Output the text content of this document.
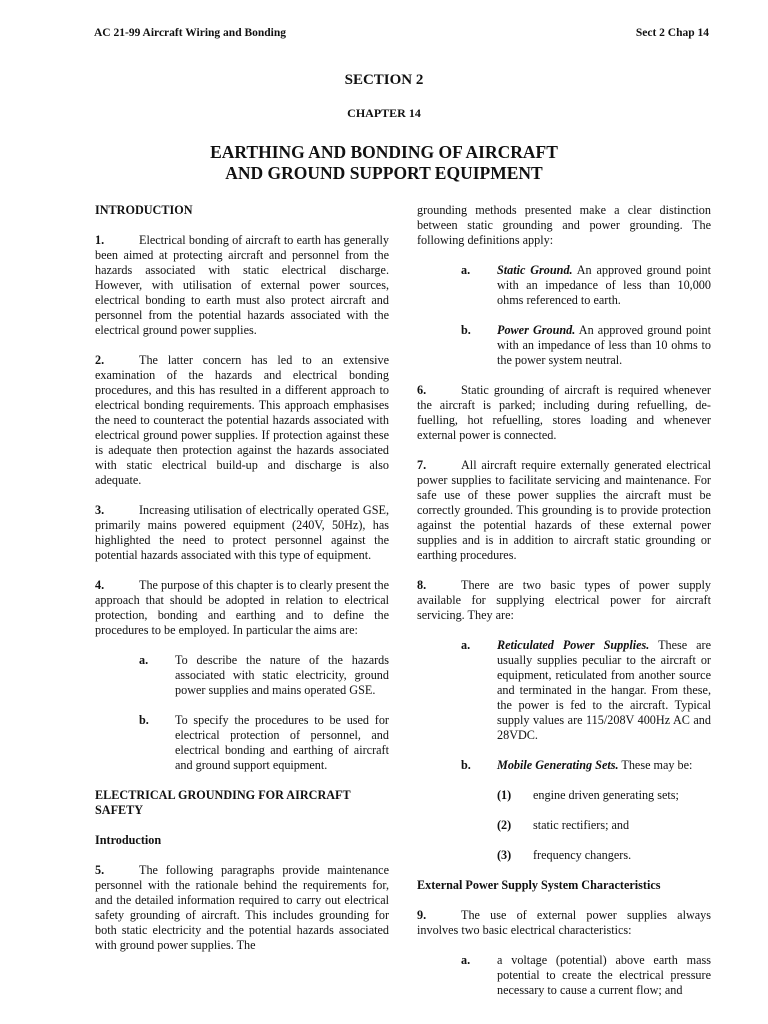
AC 21-99 Aircraft Wiring and Bonding	Sect 2 Chap 14
SECTION 2
CHAPTER 14
EARTHING AND BONDING OF AIRCRAFT
AND GROUND SUPPORT EQUIPMENT
INTRODUCTION

1.	Electrical bonding of aircraft to earth has generally been aimed at protecting aircraft and personnel from the hazards associated with static electrical discharge. However, with utilisation of external power sources, electrical bonding to earth must also protect aircraft and personnel from the potential hazards associated with the electrical ground power supplies.

2.	The latter concern has led to an extensive examination of the hazards and electrical bonding procedures, and this has resulted in a different approach to electrical bonding requirements. This approach emphasises the need to counteract the potential hazards associated with electrical ground power supplies. If protection against these is adequate then protection against the hazards associated with static electrical build-up and discharge is also adequate.

3.	Increasing utilisation of electrically operated GSE, primarily mains powered equipment (240V, 50Hz), has highlighted the need to protect personnel against the potential hazards associated with this type of equipment.

4.	The purpose of this chapter is to clearly present the approach that should be adopted in relation to electrical protection, bonding and earthing and to define the procedures to be employed. In particular the aims are:

a.	To describe the nature of the hazards associated with static electricity, ground power supplies and mains operated GSE.
b.	To specify the procedures to be used for electrical protection of personnel, and electrical bonding and earthing of aircraft and ground support equipment.
ELECTRICAL GROUNDING FOR AIRCRAFT SAFETY
Introduction

5.	The following paragraphs provide maintenance personnel with the rationale behind the requirements for, and the detailed information required to carry out electrical safety grounding of aircraft. This includes grounding for both static electricity and the potential hazards associated with ground power supplies. The

grounding methods presented make a clear distinction between static grounding and power grounding. The following definitions apply:

a.	Static Ground. An approved ground point with an impedance of less than 10,000 ohms referenced to earth.
b.	Power Ground. An approved ground point with an impedance of less than 10 ohms to the power system neutral.

6.	Static grounding of aircraft is required whenever the aircraft is parked; including during refuelling, de-fuelling, hot refuelling, stores loading and whenever external power is connected.

7.	All aircraft require externally generated electrical power supplies to facilitate servicing and maintenance. For safe use of these power supplies the aircraft must be correctly grounded. This grounding is to provide protection against the potential hazards of these external power supplies and is in addition to aircraft static grounding or earthing procedures.

8.	There are two basic types of power supply available for supplying electrical power for aircraft servicing. They are:

a.	Reticulated Power Supplies. These are usually supplies peculiar to the aircraft or equipment, reticulated from another source and terminated in the hangar. From these, the power is fed to the aircraft. Typical supply values are 115/208V 400Hz AC and 28VDC.
b.	Mobile Generating Sets. These may be:
(1)	engine driven generating sets;
(2)	static rectifiers; and
(3)	frequency changers.
External Power Supply System Characteristics

9.	The use of external power supplies always involves two basic electrical characteristics:

a.	a voltage (potential) above earth mass potential to create the electrical pressure necessary to cause a current flow; and
